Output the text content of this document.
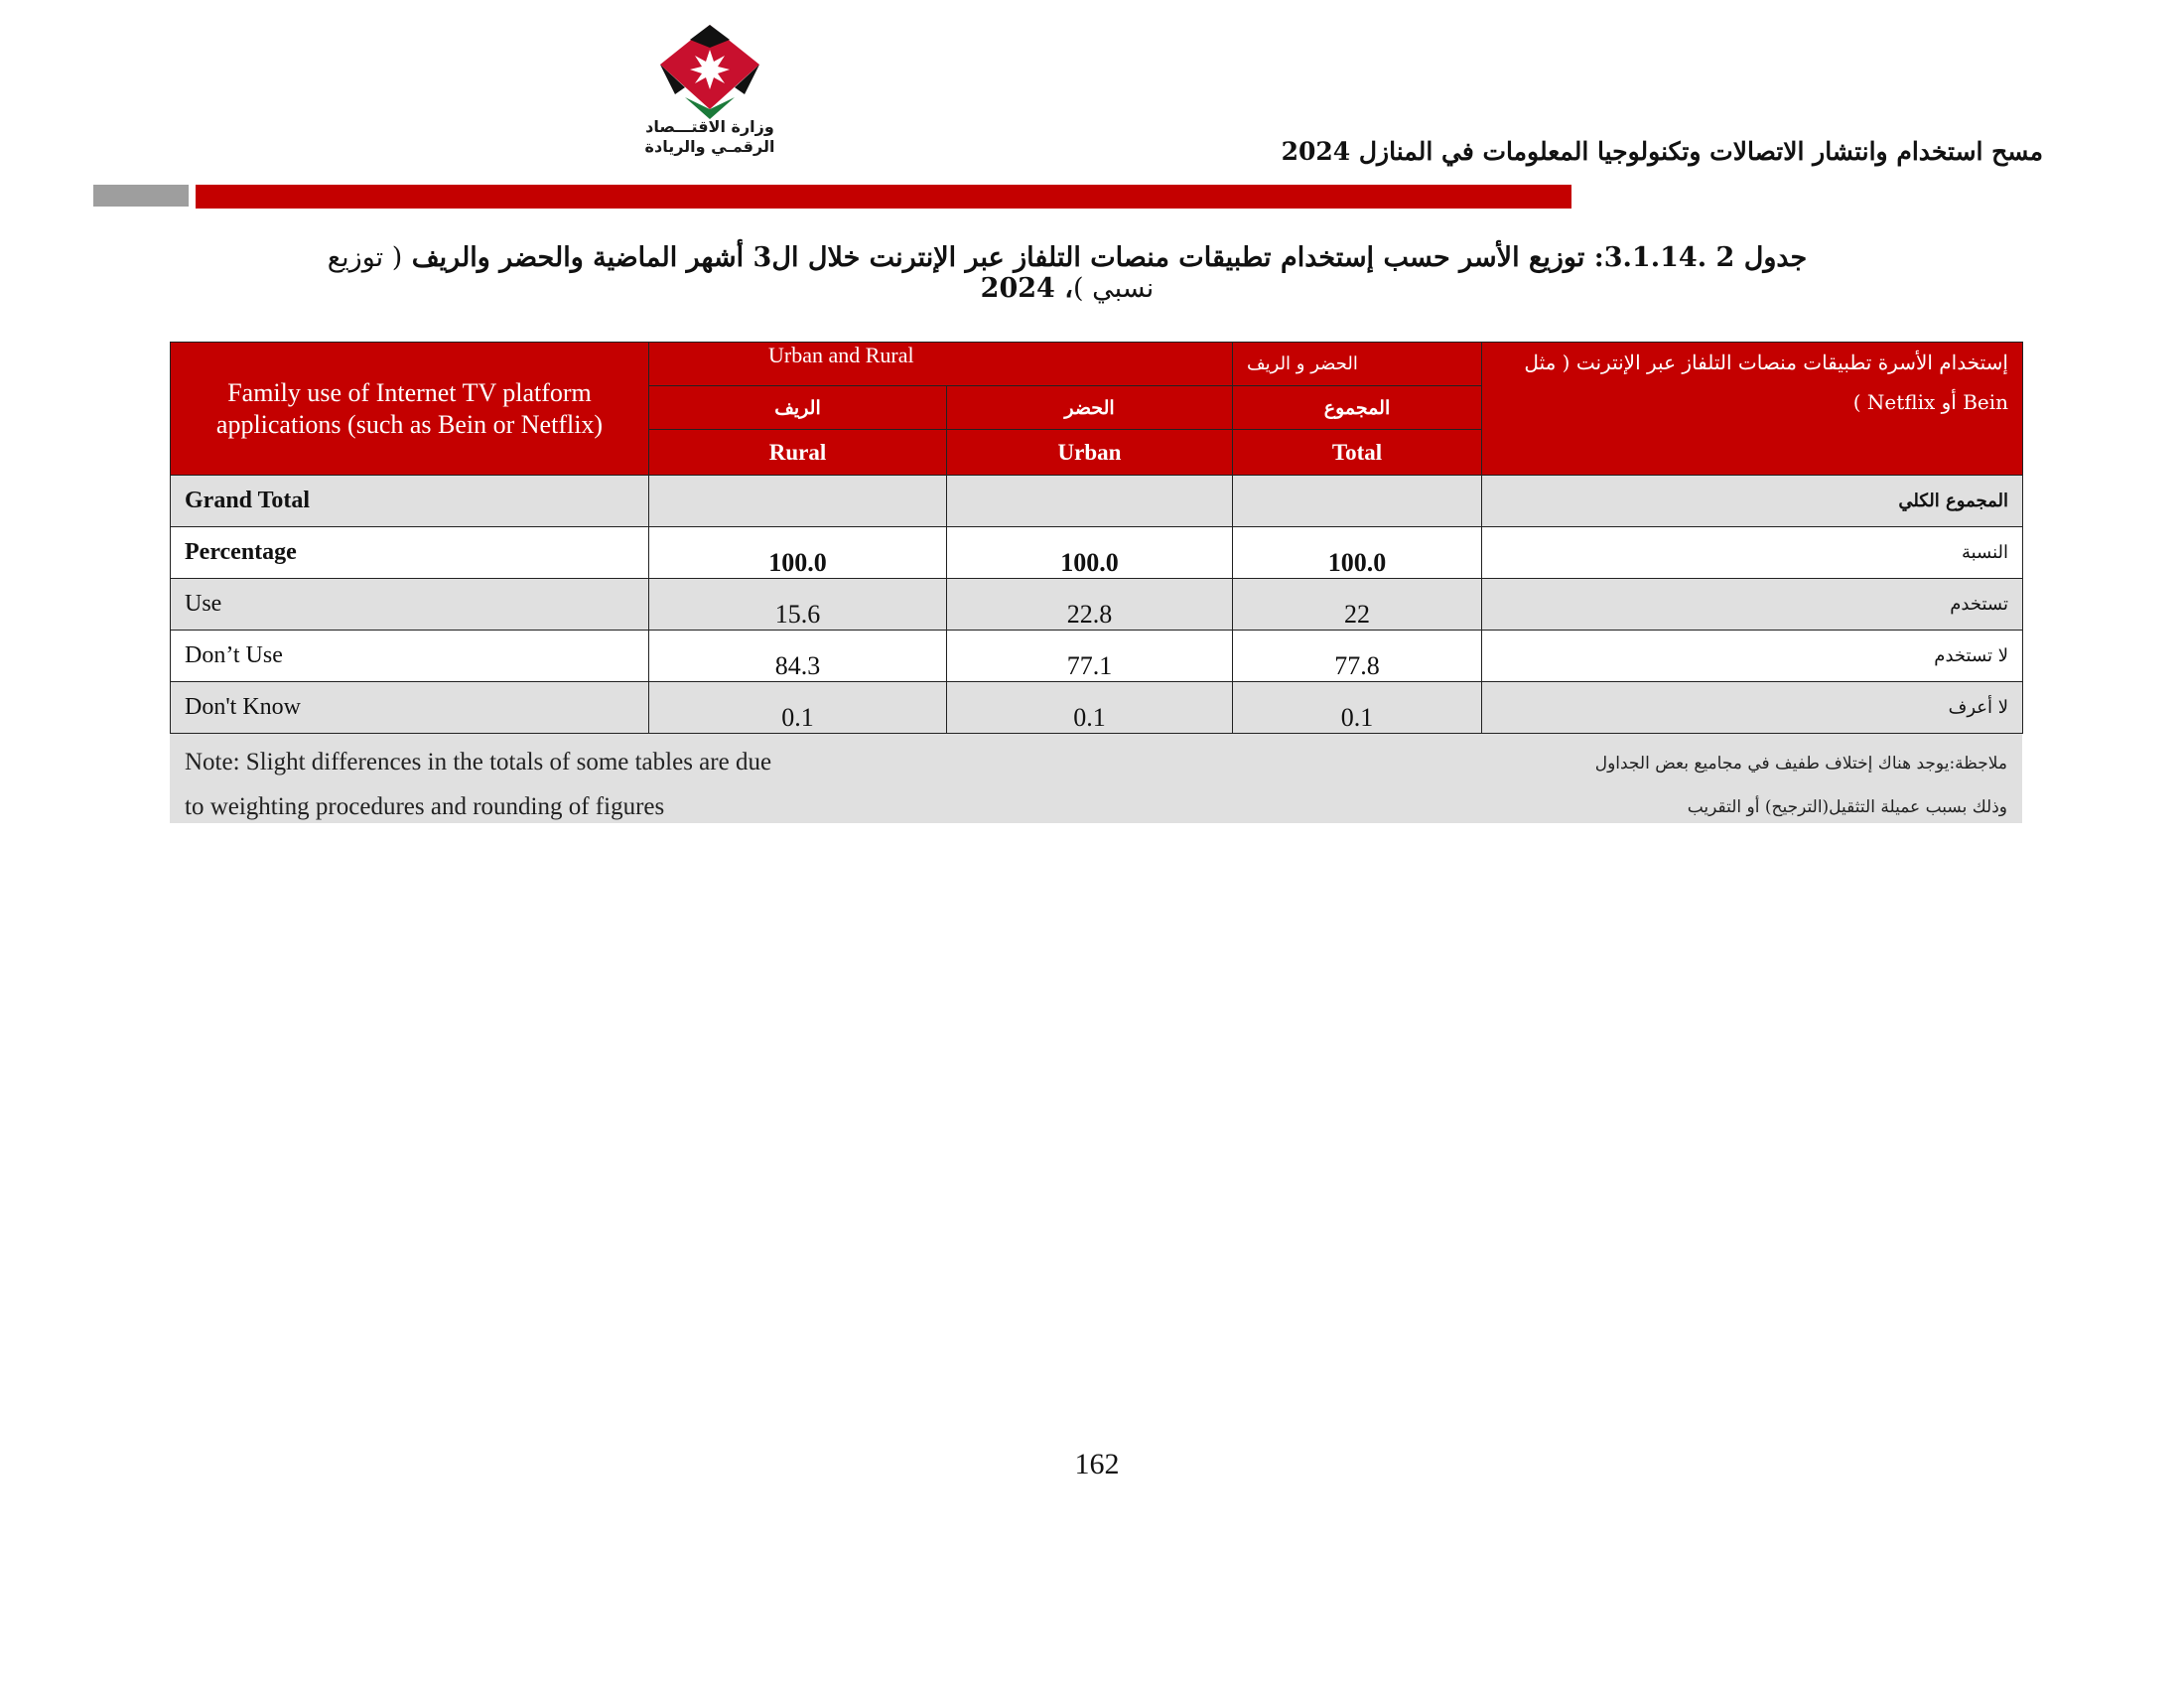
وزارة الاقتـــصاد
الرقمـي والريادة	مسح استخدام وانتشار الاتصالات وتكنولوجيا المعلومات في المنازل 2024
جدول 2 .3.1.14: توزيع الأسر حسب إستخدام تطبيقات منصات التلفاز عبر الإنترنت خلال ال3 أشهر الماضية والحضر والريف ( توزيع نسبي )، 2024
Family use of Internet TV platform applications (such as Bein or Netflix)	Urban and Rural		الحضر و الريف	إستخدام الأسرة تطبيقات منصات التلفاز عبر الإنترنت ( مثل Bein أو Netflix )
	الريف	الحضر	المجموع	
	Rural	Urban	Total	
Grand Total				المجموع الكلي
Percentage	100.0	100.0	100.0	النسبة
Use	15.6	22.8	22	تستخدم
Don’t Use	84.3	77.1	77.8	لا تستخدم
Don't Know	0.1	0.1	0.1	لا أعرف
Note: Slight differences in the totals of some tables are due
to weighting procedures and rounding of figures
ملاجظة:يوجد هناك إختلاف طفيف في مجاميع بعض الجداول
وذلك بسبب عميلة التثقيل(الترجيح) أو التقريب
162
